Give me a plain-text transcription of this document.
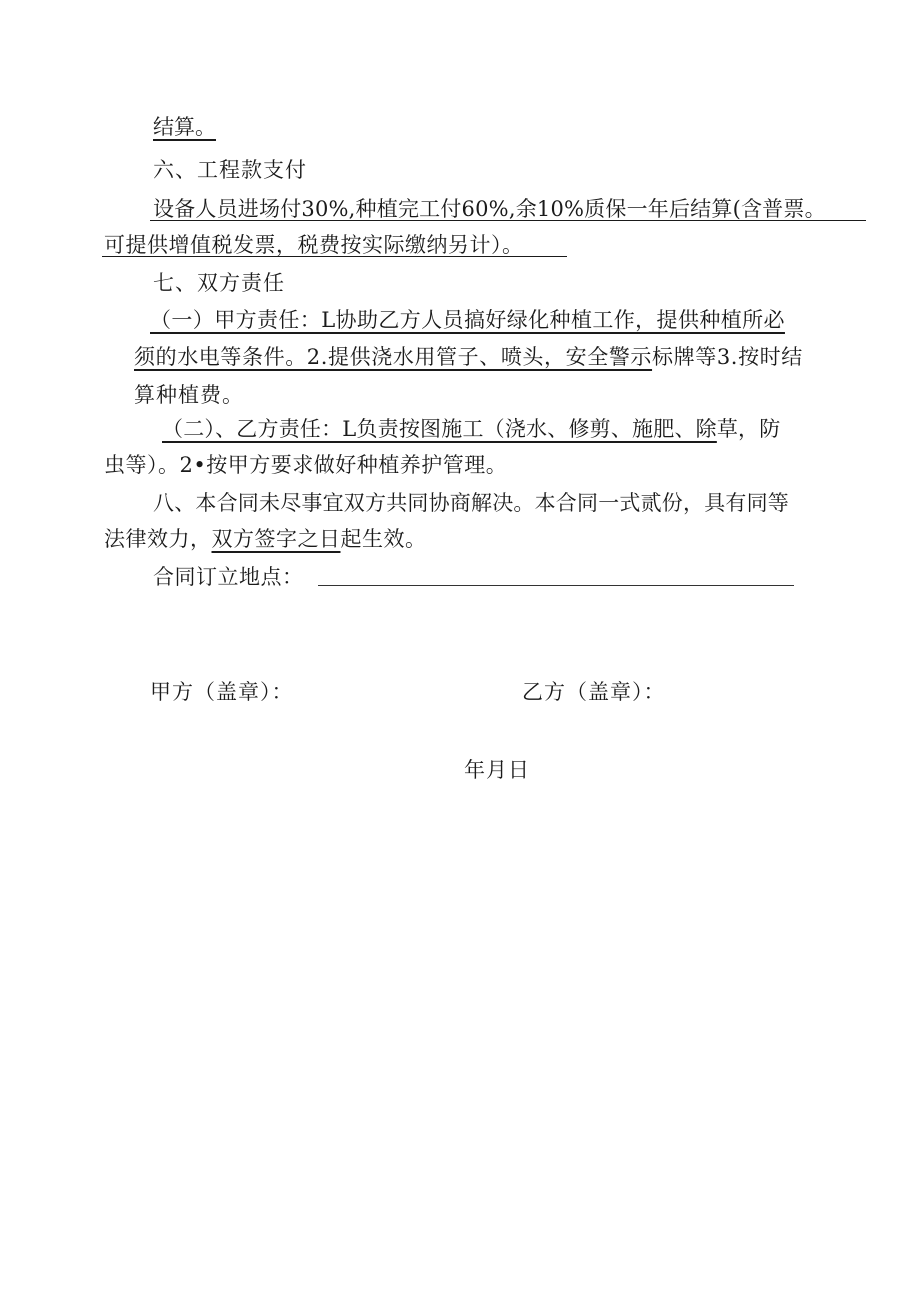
结算。
六、工程款支付
设备人员进场付30%,种植完工付60%,余10%质保一年后结算(含普票。
可提供增值税发票，税费按实际缴纳另计）。
七、双方责任
（一）甲方责任：L协助乙方人员搞好绿化种植工作，提供种植所必
须的水电等条件。2.提供浇水用管子、喷头，安全警示标牌等3.按时结
算种植费。
（二）、乙方责任：L负责按图施工（浇水、修剪、施肥、除草，防
虫等）。2•按甲方要求做好种植养护管理。
八、本合同未尽事宜双方共同协商解决。本合同一式贰份，具有同等
法律效力，双方签字之日起生效。
合同订立地点：
甲方（盖章）：	乙方（盖章）：
年月日
